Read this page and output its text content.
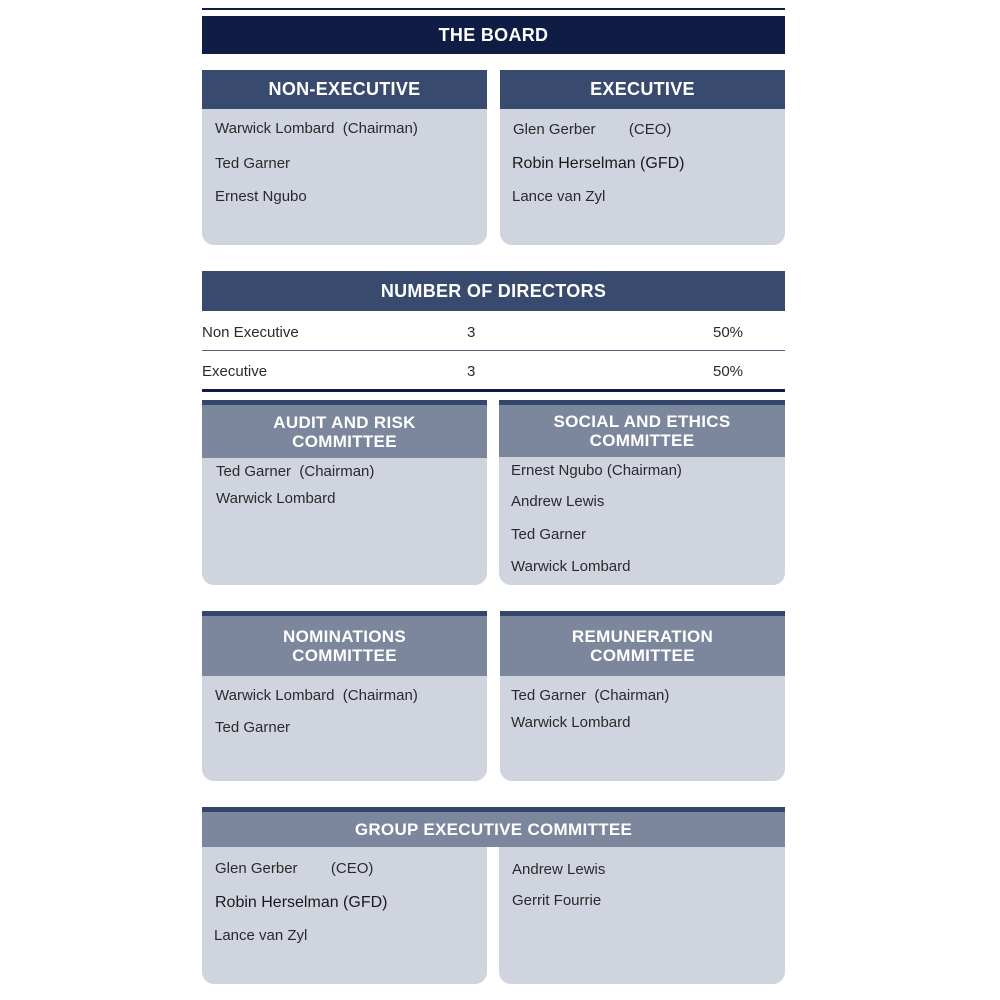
THE BOARD
NON-EXECUTIVE
Warwick Lombard  (Chairman)
Ted Garner
Ernest Ngubo
EXECUTIVE
Glen Gerber        (CEO)
Robin Herselman (GFD)
Lance van Zyl
NUMBER OF DIRECTORS
Non Executive	3	50%
Executive	3	50%
AUDIT AND RISK
COMMITTEE
Ted Garner  (Chairman)
Warwick Lombard
SOCIAL AND ETHICS
COMMITTEE
Ernest Ngubo (Chairman)
Andrew Lewis
Ted Garner
Warwick Lombard
NOMINATIONS
COMMITTEE
Warwick Lombard  (Chairman)
Ted Garner
REMUNERATION
COMMITTEE
Ted Garner  (Chairman)
Warwick Lombard
GROUP EXECUTIVE COMMITTEE
Glen Gerber        (CEO)
Robin Herselman (GFD)
Lance van Zyl
Andrew Lewis
Gerrit Fourrie
